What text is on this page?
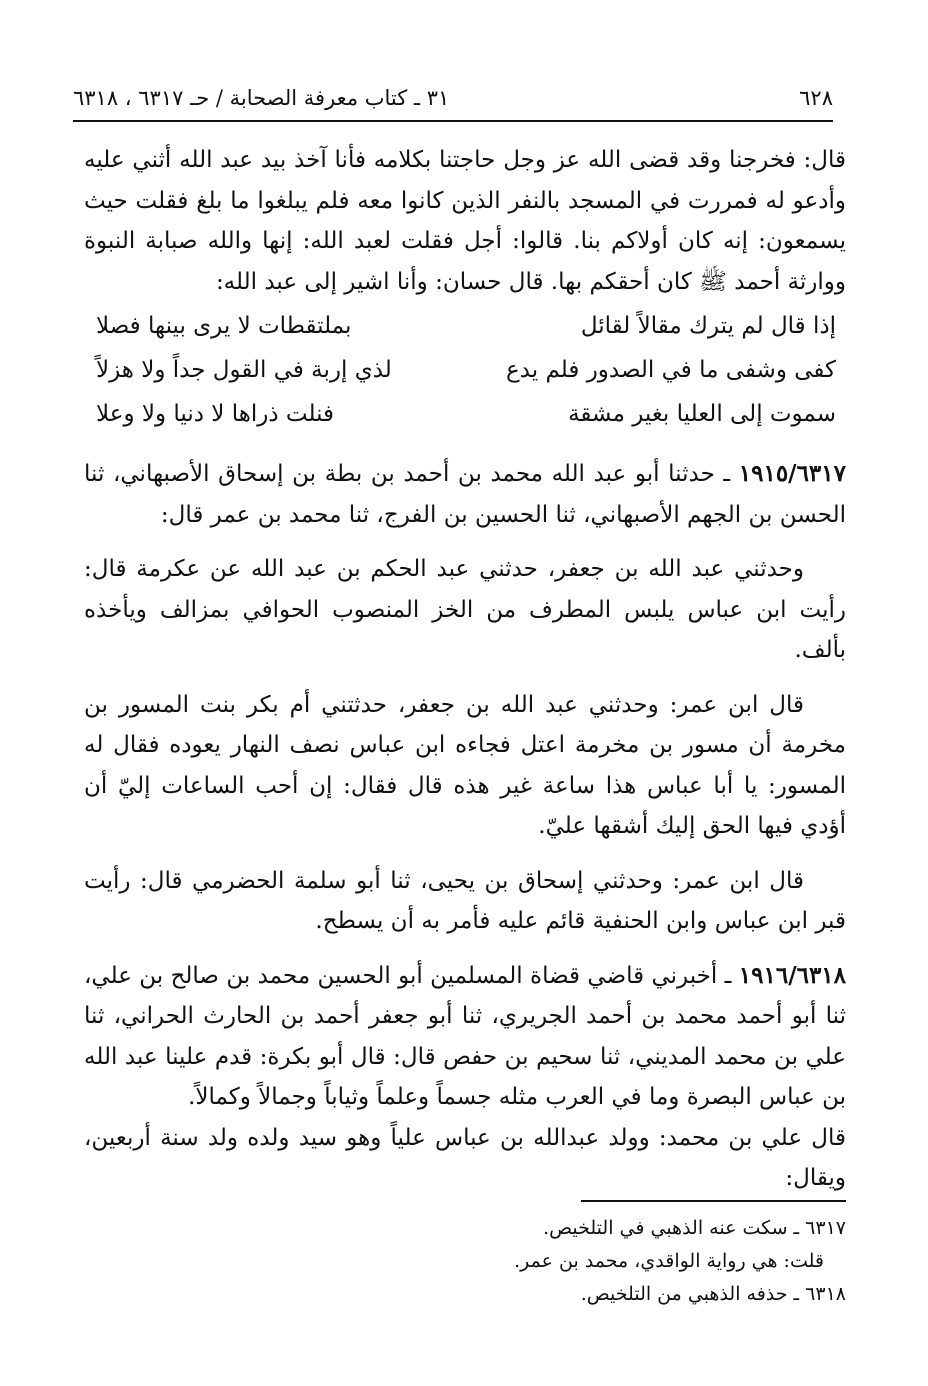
٦٢٨
٣١ ـ كتاب معرفة الصحابة / حـ ٦٣١٧ ، ٦٣١٨

قال: فخرجنا وقد قضى الله عز وجل حاجتنا بكلامه فأنا آخذ بيد عبد الله أثني عليه وأدعو له فمررت في المسجد بالنفر الذين كانوا معه فلم يبلغوا ما بلغ فقلت حيث يسمعون: إنه كان أولاكم بنا. قالوا: أجل فقلت لعبد الله: إنها والله صبابة النبوة ووارثة أحمد ﷺ كان أحقكم بها. قال حسان: وأنا اشير إلى عبد الله:

إذا قال لم يترك مقالاً لقائل
بملتقطات لا يرى بينها فصلا
كفى وشفى ما في الصدور فلم يدع
لذي إربة في القول جداً ولا هزلاً
سموت إلى العليا بغير مشقة
فنلت ذراها لا دنيا ولا وعلا

١٩١٥/٦٣١٧ ـ حدثنا أبو عبد الله محمد بن أحمد بن بطة بن إسحاق الأصبهاني، ثنا الحسن بن الجهم الأصبهاني، ثنا الحسين بن الفرج، ثنا محمد بن عمر قال:

وحدثني عبد الله بن جعفر، حدثني عبد الحكم بن عبد الله عن عكرمة قال: رأيت ابن عباس يلبس المطرف من الخز المنصوب الحوافي بمزالف ويأخذه بألف.

قال ابن عمر: وحدثني عبد الله بن جعفر، حدثتني أم بكر بنت المسور بن مخرمة أن مسور بن مخرمة اعتل فجاءه ابن عباس نصف النهار يعوده فقال له المسور: يا أبا عباس هذا ساعة غير هذه قال فقال: إن أحب الساعات إليّ أن أؤدي فيها الحق إليك أشقها عليّ.

قال ابن عمر: وحدثني إسحاق بن يحيى، ثنا أبو سلمة الحضرمي قال: رأيت قبر ابن عباس وابن الحنفية قائم عليه فأمر به أن يسطح.

١٩١٦/٦٣١٨ ـ أخبرني قاضي قضاة المسلمين أبو الحسين محمد بن صالح بن علي، ثنا أبو أحمد محمد بن أحمد الجريري، ثنا أبو جعفر أحمد بن الحارث الحراني، ثنا علي بن محمد المديني، ثنا سحيم بن حفص قال: قال أبو بكرة: قدم علينا عبد الله بن عباس البصرة وما في العرب مثله جسماً وعلماً وثياباً وجمالاً وكمالاً.

قال علي بن محمد: وولد عبدالله بن عباس علياً وهو سيد ولده ولد سنة أربعين، ويقال:

٦٣١٧ ـ سكت عنه الذهبي في التلخيص.

قلت: هي رواية الواقدي، محمد بن عمر.

٦٣١٨ ـ حذفه الذهبي من التلخيص.
